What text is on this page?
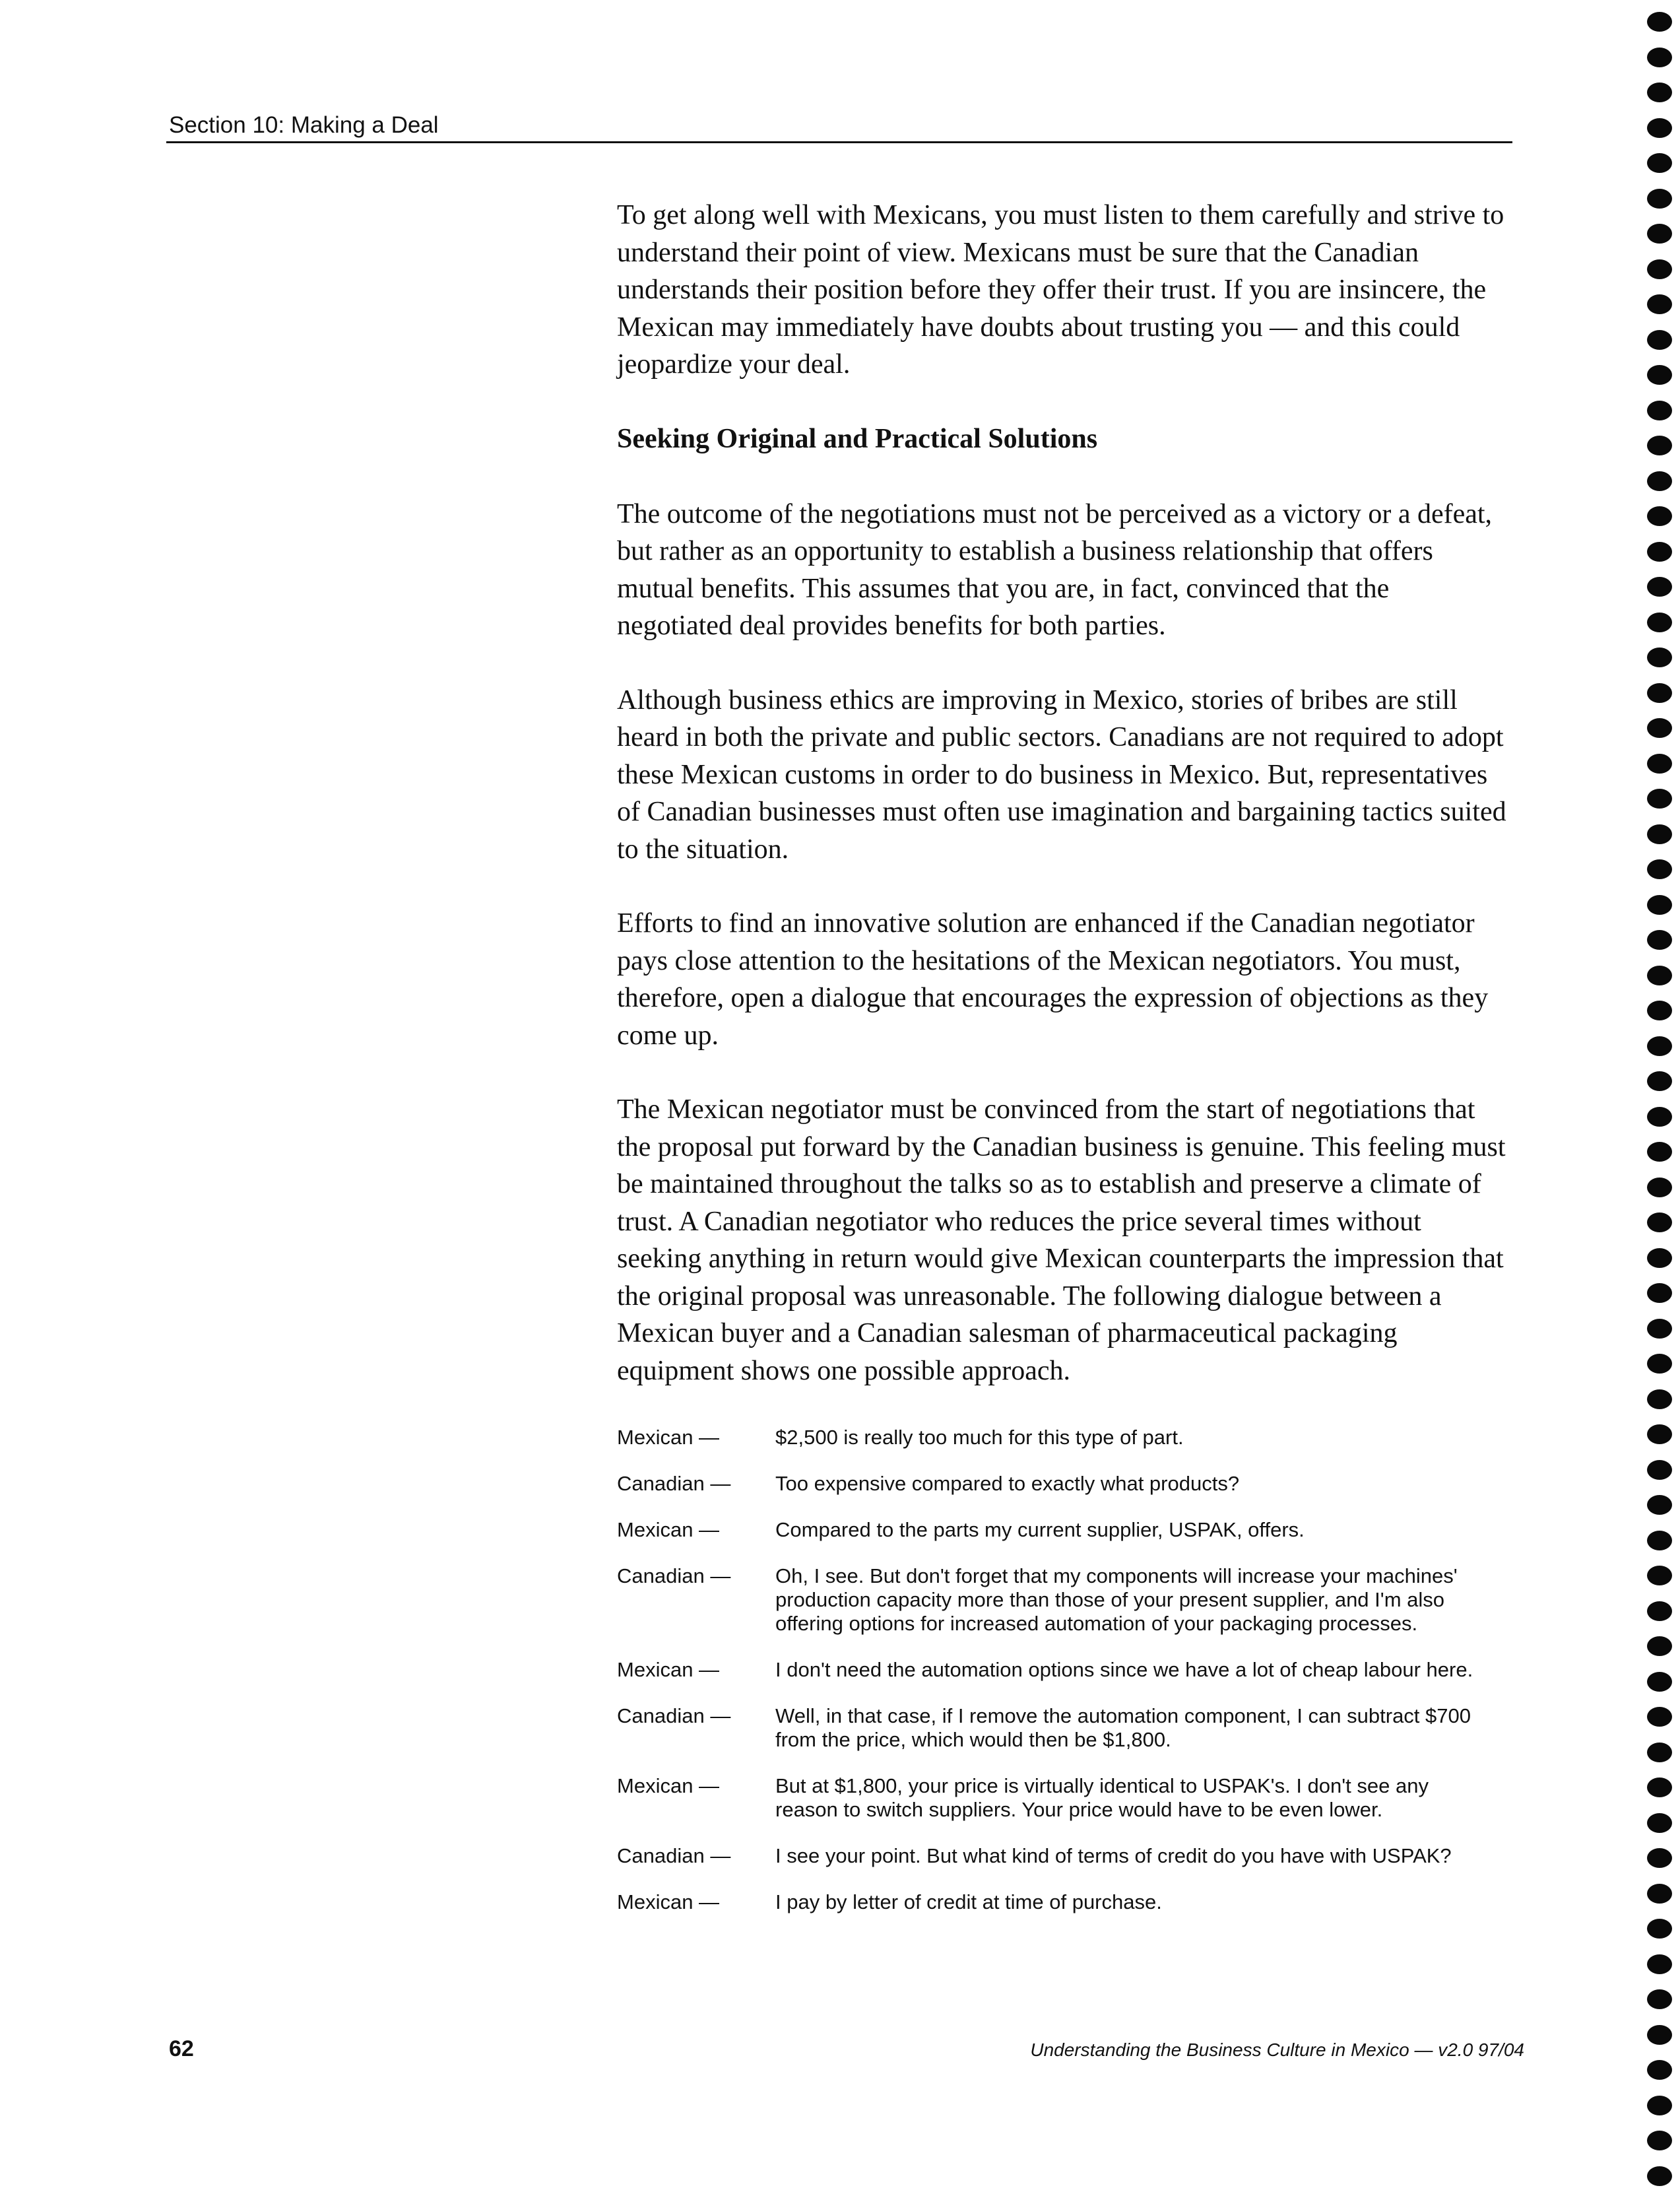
Section 10: Making a Deal

To get along well with Mexicans, you must listen to them carefully and strive to understand their point of view. Mexicans must be sure that the Canadian understands their position before they offer their trust. If you are insincere, the Mexican may immediately have doubts about trusting you — and this could jeopardize your deal.

Seeking Original and Practical Solutions

The outcome of the negotiations must not be perceived as a victory or a defeat, but rather as an opportunity to establish a business relationship that offers mutual benefits. This assumes that you are, in fact, convinced that the negotiated deal provides benefits for both parties.

Although business ethics are improving in Mexico, stories of bribes are still heard in both the private and public sectors. Canadians are not required to adopt these Mexican customs in order to do business in Mexico. But, representatives of Canadian businesses must often use imagination and bargaining tactics suited to the situation.

Efforts to find an innovative solution are enhanced if the Canadian negotiator pays close attention to the hesitations of the Mexican negotiators. You must, therefore, open a dialogue that encourages the expression of objections as they come up.

The Mexican negotiator must be convinced from the start of negotiations that the proposal put forward by the Canadian business is genuine. This feeling must be maintained throughout the talks so as to establish and preserve a climate of trust. A Canadian negotiator who reduces the price several times without seeking anything in return would give Mexican counterparts the impression that the original proposal was unreasonable. The following dialogue between a Mexican buyer and a Canadian salesman of pharmaceutical packaging equipment shows one possible approach.

Mexican —	$2,500 is really too much for this type of part.
Canadian —	Too expensive compared to exactly what products?
Mexican —	Compared to the parts my current supplier, USPAK, offers.
Canadian —	Oh, I see. But don't forget that my components will increase your machines' production capacity more than those of your present supplier, and I'm also offering options for increased automation of your packaging processes.
Mexican —	I don't need the automation options since we have a lot of cheap labour here.
Canadian —	Well, in that case, if I remove the automation component, I can subtract $700 from the price, which would then be $1,800.
Mexican —	But at $1,800, your price is virtually identical to USPAK's. I don't see any reason to switch suppliers. Your price would have to be even lower.
Canadian —	I see your point. But what kind of terms of credit do you have with USPAK?
Mexican —	I pay by letter of credit at time of purchase.
62	Understanding the Business Culture in Mexico — v2.0 97/04
